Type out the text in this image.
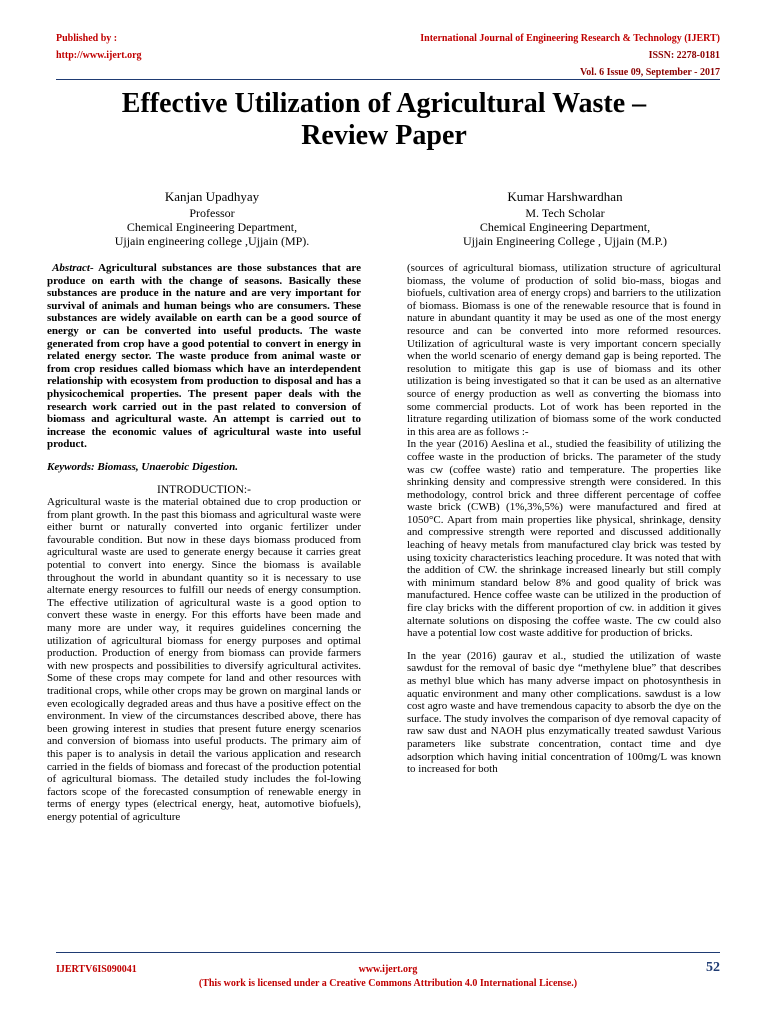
Published by :
http://www.ijert.org
International Journal of Engineering Research & Technology (IJERT)
ISSN: 2278-0181
Vol. 6 Issue 09, September - 2017
Effective Utilization of Agricultural Waste –
Review Paper
Kanjan Upadhyay
Professor
Chemical Engineering Department,
Ujjain engineering college ,Ujjain (MP).
Kumar Harshwardhan
M. Tech Scholar
Chemical Engineering Department,
Ujjain Engineering College , Ujjain (M.P.)

Abstract- Agricultural substances are those substances that are produce on earth with the change of seasons. Basically these substances are produce in the nature and are very important for survival of animals and human beings who are consumers. These substances are widely available on earth can be a good source of energy or can be converted into useful products. The waste generated from crop have a good potential to convert in energy in related energy sector. The waste produce from animal waste or from crop residues called biomass which have an interdependent relationship with ecosystem from production to disposal and has a physicochemical properties. The present paper deals with the research work carried out in the past related to conversion of biomass and agricultural waste. An attempt is carried out to increase the economic values of agricultural waste into useful product.

Keywords: Biomass, Unaerobic Digestion.

INTRODUCTION:-

Agricultural waste is the material obtained due to crop production or from plant growth. In the past this biomass and agricultural waste were either burnt or naturally converted into organic fertilizer under favourable condition. But now in these days biomass produced from agricultural waste are used to generate energy because it carries great potential to convert into energy. Since the biomass is available throughout the world in abundant quantity so it is necessary to use alternate energy resources to fulfill our needs of energy consumption. The effective utilization of agricultural waste is a good option to convert these waste in energy. For this efforts have been made and many more are under way, it requires guidelines concerning the utilization of agricultural biomass for energy purposes and optimal production. Production of energy from biomass can provide farmers with new prospects and possibilities to diversify agricultural activites. Some of these crops may compete for land and other resources with traditional crops, while other crops may be grown on marginal lands or even ecologically degraded areas and thus have a positive effect on the environment. In view of the circumstances described above, there has been growing interest in studies that present future energy scenarios and conversion of biomass into useful products. The primary aim of this paper is to analysis in detail the various application and research carried in the fields of biomass and forecast of the production potential of agricultural biomass. The detailed study includes the fol-lowing factors scope of the forecasted consumption of renewable energy in terms of energy types (electrical energy, heat, automotive biofuels), energy potential of agriculture

(sources of agricultural biomass, utilization structure of agricultural biomass, the volume of production of solid bio-mass, biogas and biofuels, cultivation area of energy crops) and barriers to the utilization of biomass. Biomass is one of the renewable resource that is found in nature in abundant quantity it may be used as one of the most energy resource and can be converted into more reformed resources. Utilization of agricultural waste is very important concern specially when the world scenario of energy demand gap is being reported. The resolution to mitigate this gap is use of biomass and its other utilization is being investigated so that it can be used as an alternative source of energy production as well as converting the biomass into some commercial products. Lot of work has been reported in the litrature regarding utilization of biomass some of the work conducted in this area are as follows :-

In the year (2016) Aeslina et al., studied the feasibility of utilizing the coffee waste in the production of bricks. The parameter of the study was cw (coffee waste) ratio and temperature. The properties like shrinking density and compressive strength were considered. In this methodology, control brick and three different percentage of coffee waste brick (CWB) (1%,3%,5%) were manufactured and fired at 1050°C. Apart from main properties like physical, shrinkage, density and compressive strength were reported and discussed additionally leaching of heavy metals from manufactured clay brick was tested by using toxicity characteristics leaching procedure. It was noted that with the addition of CW. the shrinkage increased linearly but still comply with minimum standard below 8% and good quality of brick was manufactured. Hence coffee waste can be utilized in the production of fire clay bricks with the different proportion of cw. in addition it gives alternate solutions on disposing the coffee waste. The cw could also have a potential low cost waste additive for production of bricks.

In the year (2016) gaurav et al., studied the utilization of waste sawdust for the removal of basic dye “methylene blue” that describes as methyl blue which has many adverse impact on photosynthesis in aquatic environment and many other complications. sawdust is a low cost agro waste and have tremendous capacity to absorb the dye on the surface. The study involves the comparison of dye removal capacity of raw saw dust and NAOH plus enzymatically treated sawdust Various parameters like substrate concentration, contact time and dye adsorption which having initial concentration of 100mg/L was known to increased for both

IJERTV6IS090041	www.ijert.org	52
(This work is licensed under a Creative Commons Attribution 4.0 International License.)
